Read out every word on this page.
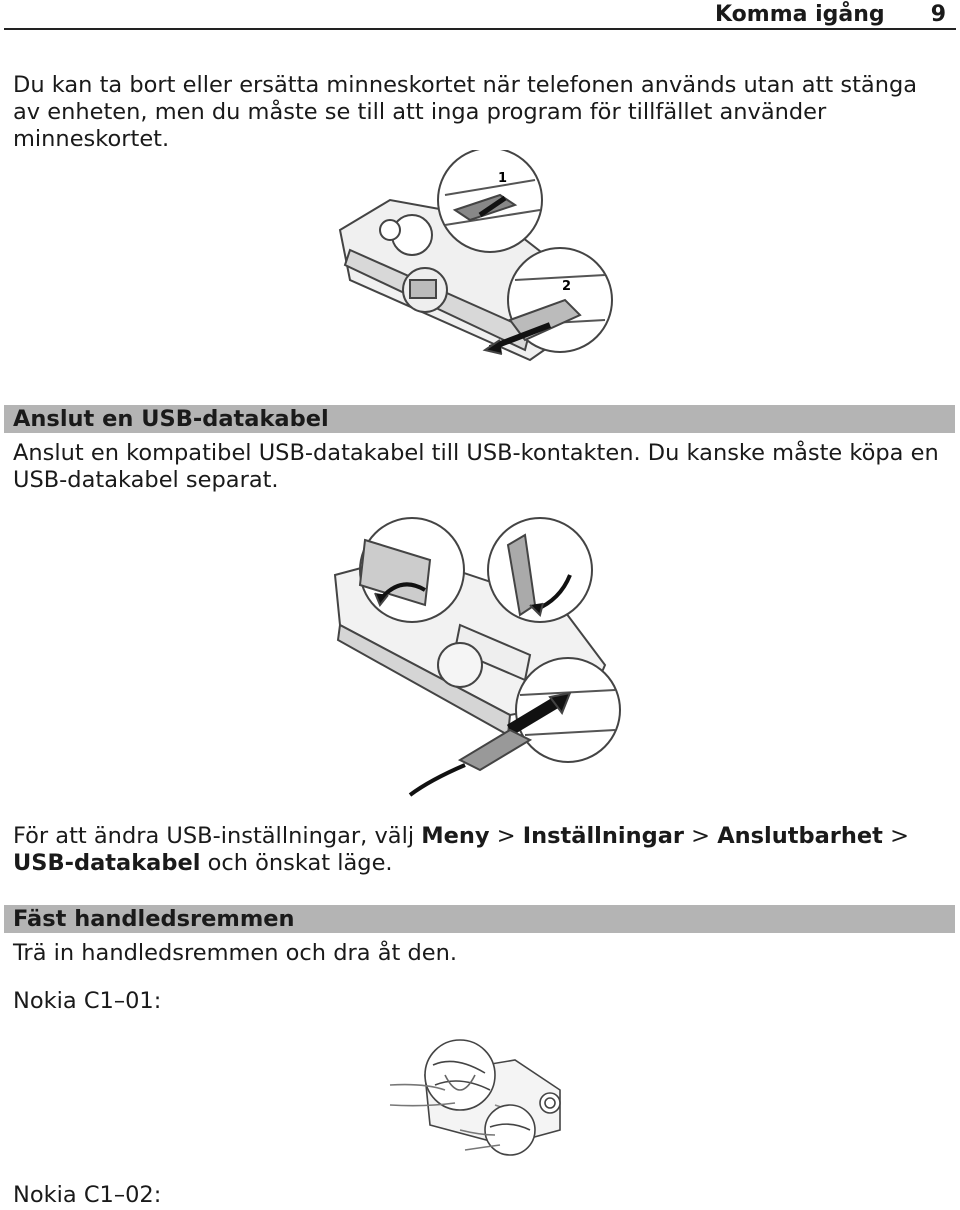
Komma igång 9

Du kan ta bort eller ersätta minneskortet när telefonen används utan att stänga av enheten, men du måste se till att inga program för tillfället använder minneskortet.

1
2
Anslut en USB-datakabel

Anslut en kompatibel USB-datakabel till USB-kontakten. Du kanske måste köpa en USB-datakabel separat.

För att ändra USB-inställningar, välj Meny > Inställningar > Anslutbarhet > USB-datakabel och önskat läge.

Fäst handledsremmen

Trä in handledsremmen och dra åt den.

Nokia C1–01:

Nokia C1–02:
